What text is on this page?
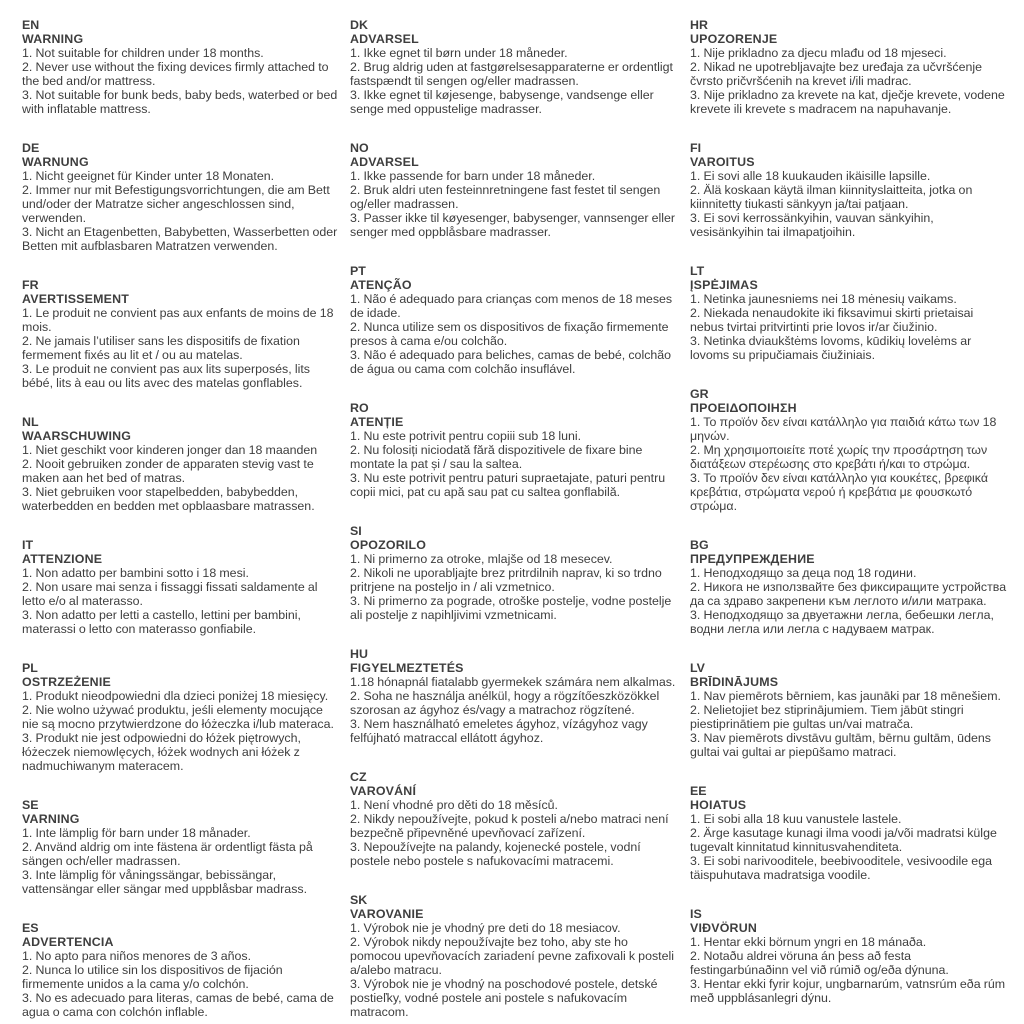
EN
WARNING
1. Not suitable for children under 18 months.
2. Never use without the fixing devices firmly attached to the bed and/or mattress.
3. Not suitable for bunk beds, baby beds, waterbed or bed with inflatable mattress.
DE
WARNUNG
1. Nicht geeignet für Kinder unter 18 Monaten.
2. Immer nur mit Befestigungsvorrichtungen, die am Bett und/oder der Matratze sicher angeschlossen sind, verwenden.
3. Nicht an Etagenbetten, Babybetten, Wasserbetten oder Betten mit aufblasbaren Matratzen verwenden.
FR
AVERTISSEMENT
1. Le produit ne convient pas aux enfants de moins de 18 mois.
2. Ne jamais l’utiliser sans les dispositifs de fixation fermement fixés au lit et / ou au matelas.
3. Le produit ne convient pas aux lits superposés, lits bébé, lits à eau ou lits avec des matelas gonflables.
NL
WAARSCHUWING
1. Niet geschikt voor kinderen jonger dan 18 maanden
2. Nooit gebruiken zonder de apparaten stevig vast te maken aan het bed of matras.
3. Niet gebruiken voor stapelbedden, babybedden, waterbedden en bedden met opblaasbare matrassen.
IT
ATTENZIONE
1. Non adatto per bambini sotto i 18 mesi.
2. Non usare mai senza i fissaggi fissati saldamente al letto e/o al materasso.
3. Non adatto per letti a castello, lettini per bambini, materassi o letto con materasso gonfiabile.
PL
OSTRZEŻENIE
1. Produkt nieodpowiedni dla dzieci poniżej 18 miesięcy.
2. Nie wolno używać produktu, jeśli elementy mocujące nie są mocno przytwierdzone do łóżeczka i/lub materaca.
3. Produkt nie jest odpowiedni do łóżek piętrowych, łóżeczek niemowlęcych, łóżek wodnych ani łóżek z nadmuchiwanym materacem.
SE
VARNING
1. Inte lämplig för barn under 18 månader.
2. Använd aldrig om inte fästena är ordentligt fästa på sängen och/eller madrassen.
3. Inte lämplig för våningssängar, bebissängar, vattensängar eller sängar med uppblåsbar madrass.
ES
ADVERTENCIA
1. No apto para niños menores de 3 años.
2. Nunca lo utilice sin los dispositivos de fijación firmemente unidos a la cama y/o colchón.
3. No es adecuado para literas, camas de bebé, cama de agua o cama con colchón inflable.
DK
ADVARSEL
1. Ikke egnet til børn under 18 måneder.
2. Brug aldrig uden at fastgørelsesapparaterne er ordentligt fastspændt til sengen og/eller madrassen.
3. Ikke egnet til køjesenge, babysenge, vandsenge eller senge med oppustelige madrasser.
NO
ADVARSEL
1. Ikke passende for barn under 18 måneder.
2. Bruk aldri uten festeinnretningene fast festet til sengen og/eller madrassen.
3. Passer ikke til køyesenger, babysenger, vannsenger eller senger med oppblåsbare madrasser.
PT
ATENÇÃO
1. Não é adequado para crianças com menos de 18 meses de idade.
2. Nunca utilize sem os dispositivos de fixação firmemente presos à cama e/ou colchão.
3. Não é adequado para beliches, camas de bebé, colchão de água ou cama com colchão insuflável.
RO
ATENȚIE
1. Nu este potrivit pentru copiii sub 18 luni.
2. Nu folosiți niciodată fără dispozitivele de fixare bine montate la pat și / sau la saltea.
3. Nu este potrivit pentru paturi supraetajate, paturi pentru copii mici, pat cu apă sau pat cu saltea gonflabilă.
SI
OPOZORILO
1. Ni primerno za otroke, mlajše od 18 mesecev.
2. Nikoli ne uporabljajte brez pritrdilnih naprav, ki so trdno pritrjene na posteljo in / ali vzmetnico.
3. Ni primerno za pograde, otroške postelje, vodne postelje ali postelje z napihljivimi vzmetnicami.
HU
FIGYELMEZTETÉS
1.18 hónapnál fiatalabb gyermekek számára nem alkalmas.
2. Soha ne használja anélkül, hogy a rögzítőeszközökkel szorosan az ágyhoz és/vagy a matrachoz rögzítené.
3. Nem használható emeletes ágyhoz, vízágyhoz vagy felfújható matraccal ellátott ágyhoz.
CZ
VAROVÁNÍ
1. Není vhodné pro děti do 18 měsíců.
2. Nikdy nepoužívejte, pokud k posteli a/nebo matraci není bezpečně připevněné upevňovací zařízení.
3. Nepoužívejte na palandy, kojenecké postele, vodní postele nebo postele s nafukovacími matracemi.
SK
VAROVANIE
1. Výrobok nie je vhodný pre deti do 18 mesiacov.
2. Výrobok nikdy nepoužívajte bez toho, aby ste ho pomocou upevňovacích zariadení pevne zafixovali k posteli a/alebo matracu.
3. Výrobok nie je vhodný na poschodové postele, detské postieľky, vodné postele ani postele s nafukovacím matracom.
HR
UPOZORENJE
1. Nije prikladno za djecu mlađu od 18 mjeseci.
2. Nikad ne upotrebljavajte bez uređaja za učvršćenje čvrsto pričvršćenih na krevet i/ili madrac.
3. Nije prikladno za krevete na kat, dječje krevete, vodene krevete ili krevete s madracem na napuhavanje.
FI
VAROITUS
1. Ei sovi alle 18 kuukauden ikäisille lapsille.
2. Älä koskaan käytä ilman kiinnityslaitteita, jotka on kiinnitetty tiukasti sänkyyn ja/tai patjaan.
3. Ei sovi kerrossänkyihin, vauvan sänkyihin, vesisänkyihin tai ilmapatjoihin.
LT
ĮSPĖJIMAS
1. Netinka jaunesniems nei 18 mėnesių vaikams.
2. Niekada nenaudokite iki fiksavimui skirti prietaisai nebus tvirtai pritvirtinti prie lovos ir/ar čiužinio.
3. Netinka dviaukštėms lovoms, kūdikių lovelėms ar lovoms su pripučiamais čiužiniais.
GR
ΠΡΟΕΙΔΟΠΟΙΗΣΗ
1. Το προϊόν δεν είναι κατάλληλο για παιδιά κάτω των 18 μηνών.
2. Μη χρησιμοποιείτε ποτέ χωρίς την προσάρτηση των διατάξεων στερέωσης στο κρεβάτι ή/και το στρώμα.
3. Το προϊόν δεν είναι κατάλληλο για κουκέτες, βρεφικά κρεβάτια, στρώματα νερού ή κρεβάτια με φουσκωτό στρώμα.
BG
ПРЕДУПРЕЖДЕНИЕ
1. Неподходящо за деца под 18 години.
2. Никога не използвайте без фиксиращите устройства да са здраво закрепени към леглото и/или матрака.
3. Неподходящо за двуетажни легла, бебешки легла, водни легла или легла с надуваем матрак.
LV
BRĪDINĀJUMS
1. Nav piemērots bērniem, kas jaunāki par 18 mēnešiem.
2. Nelietojiet bez stiprinājumiem. Tiem jābūt stingri piestiprinātiem pie gultas un/vai matrača.
3. Nav piemērots divstāvu gultām, bērnu gultām, ūdens gultai vai gultai ar piepūšamo matraci.
EE
HOIATUS
1. Ei sobi alla 18 kuu vanustele lastele.
2. Ärge kasutage kunagi ilma voodi ja/või madratsi külge tugevalt kinnitatud kinnitusvahenditeta.
3. Ei sobi narivooditele, beebivooditele, vesivoodile ega täispuhutava madratsiga voodile.
IS
VIÐVÖRUN
1. Hentar ekki börnum yngri en 18 mánaða.
2. Notaðu aldrei vöruna án þess að festa festingarbúnaðinn vel við rúmið og/eða dýnuna.
3. Hentar ekki fyrir kojur, ungbarnarúm, vatnsrúm eða rúm með uppblásanlegri dýnu.
